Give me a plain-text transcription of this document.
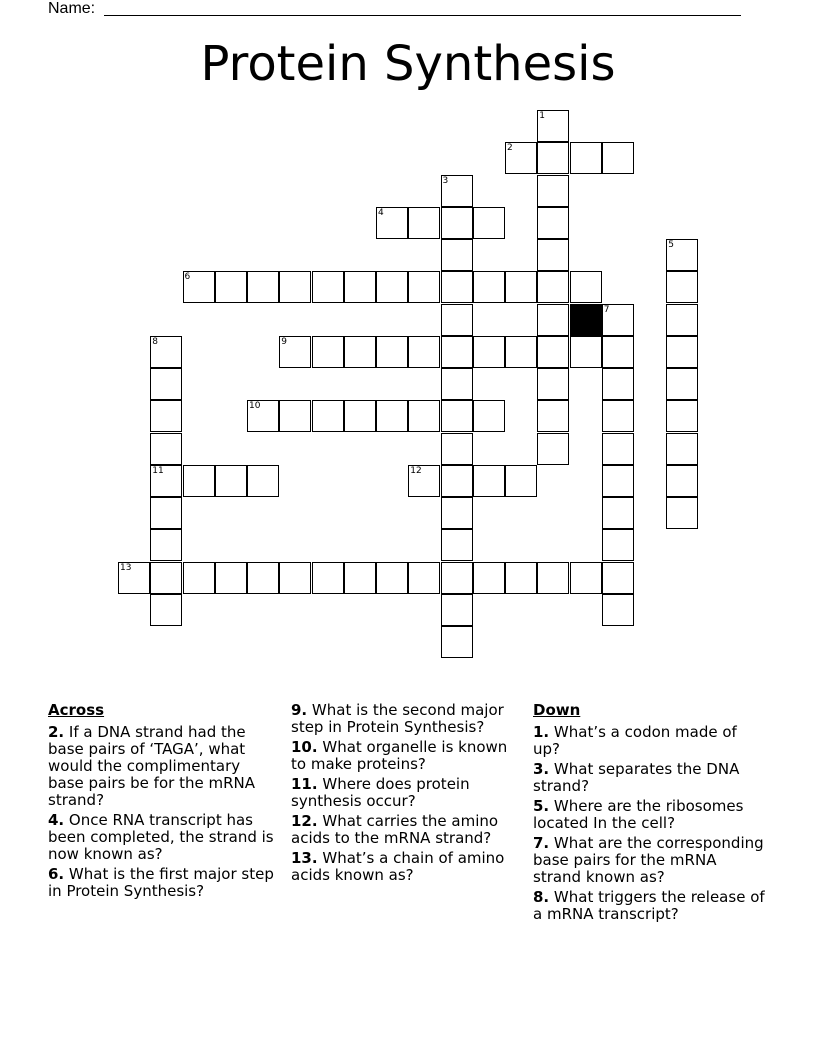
Name:
Protein Synthesis
1
2
3
4
5
6
7
8	9
10
11	12
13
Across
2. If a DNA strand had the base pairs of ‘TAGA’, what would the complimentary base pairs be for the mRNA strand?
4. Once RNA transcript has been completed, the strand is now known as?
6. What is the first major step in Protein Synthesis?
9. What is the second major step in Protein Synthesis?
10. What organelle is known to make proteins?
11. Where does protein synthesis occur?
12. What carries the amino acids to the mRNA strand?
13. What’s a chain of amino acids known as?
Down
1. What’s a codon made of up?
3. What separates the DNA strand?
5. Where are the ribosomes located In the cell?
7. What are the corresponding base pairs for the mRNA strand known as?
8. What triggers the release of a mRNA transcript?
